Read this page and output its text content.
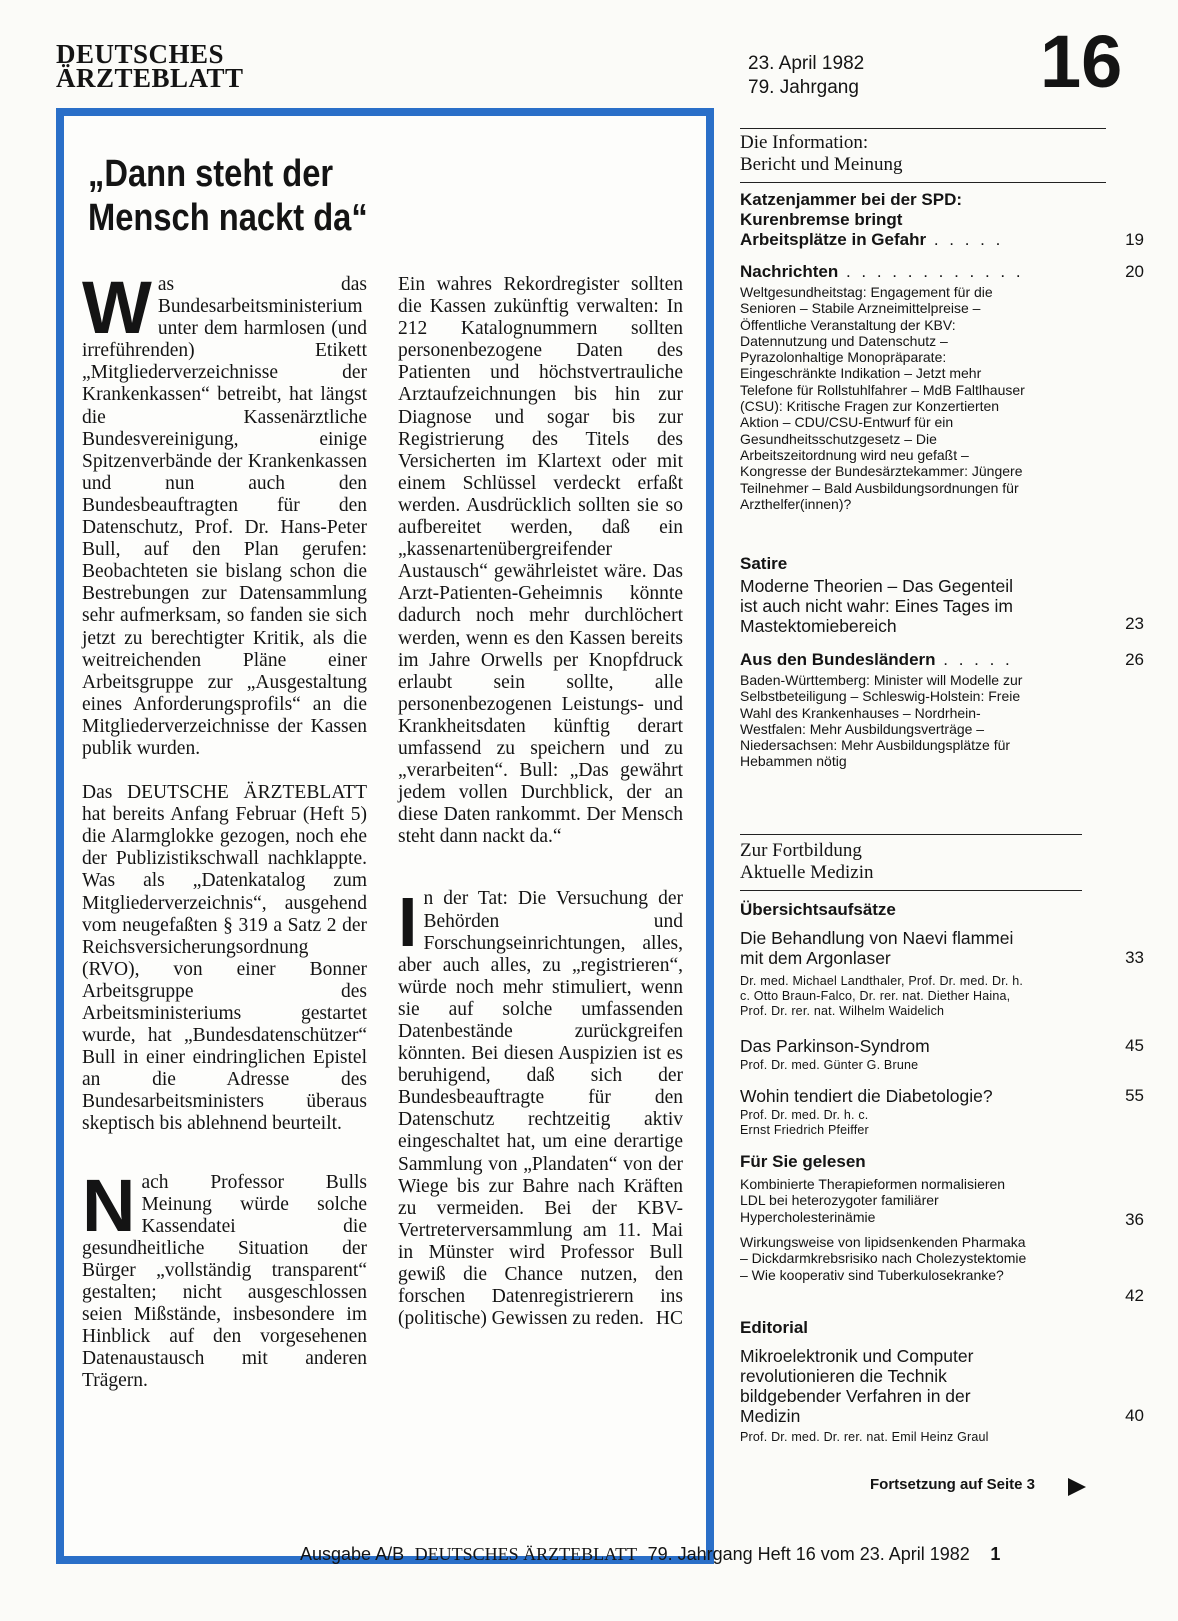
DEUTSCHES
ÄRZTEBLATT	23. April 1982
79. Jahrgang 16
„Dann steht der
Mensch nackt da“

Was das Bundesarbeitsministerium unter dem harmlosen (und irreführenden) Etikett „Mitgliederverzeichnisse der Krankenkassen“ betreibt, hat längst die Kassenärztliche Bundesvereinigung, einige Spitzenverbände der Krankenkassen und nun auch den Bundesbeauftragten für den Datenschutz, Prof. Dr. Hans-Peter Bull, auf den Plan gerufen: Beobachteten sie bislang schon die Bestrebungen zur Datensammlung sehr aufmerksam, so fanden sie sich jetzt zu berechtigter Kritik, als die weitreichenden Pläne einer Arbeitsgruppe zur „Ausgestaltung eines Anforderungsprofils“ an die Mitgliederverzeichnisse der Kassen publik wurden.

Das DEUTSCHE ÄRZTEBLATT hat bereits Anfang Februar (Heft 5) die Alarmglokke gezogen, noch ehe der Publizistikschwall nachklappte. Was als „Datenkatalog zum Mitgliederverzeichnis“, ausgehend vom neugefaßten § 319 a Satz 2 der Reichsversicherungsordnung (RVO), von einer Bonner Arbeitsgruppe des Arbeitsministeriums gestartet wurde, hat „Bundesdatenschützer“ Bull in einer eindringlichen Epistel an die Adresse des Bundesarbeitsministers überaus skeptisch bis ablehnend beurteilt.

Nach Professor Bulls Meinung würde solche Kassendatei die gesundheitliche Situation der Bürger „vollständig transparent“ gestalten; nicht ausgeschlossen seien Mißstände, insbesondere im Hinblick auf den vorgesehenen Datenaustausch mit anderen Trägern.

Ein wahres Rekordregister sollten die Kassen zukünftig verwalten: In 212 Katalognummern sollten personenbezogene Daten des Patienten und höchstvertrauliche Arztaufzeichnungen bis hin zur Diagnose und sogar bis zur Registrierung des Titels des Versicherten im Klartext oder mit einem Schlüssel verdeckt erfaßt werden. Ausdrücklich sollten sie so aufbereitet werden, daß ein „kassenartenübergreifender Austausch“ gewährleistet wäre. Das Arzt-Patienten-Geheimnis könnte dadurch noch mehr durchlöchert werden, wenn es den Kassen bereits im Jahre Orwells per Knopfdruck erlaubt sein sollte, alle personenbezogenen Leistungs- und Krankheitsdaten künftig derart umfassend zu speichern und zu „verarbeiten“. Bull: „Das gewährt jedem vollen Durchblick, der an diese Daten rankommt. Der Mensch steht dann nackt da.“

In der Tat: Die Versuchung der Behörden und Forschungseinrichtungen, alles, aber auch alles, zu „registrieren“, würde noch mehr stimuliert, wenn sie auf solche umfassenden Datenbestände zurückgreifen könnten. Bei diesen Auspizien ist es beruhigend, daß sich der Bundesbeauftragte für den Datenschutz rechtzeitig aktiv eingeschaltet hat, um eine derartige Sammlung von „Plandaten“ von der Wiege bis zur Bahre nach Kräften zu vermeiden. Bei der KBV-Vertreterversammlung am 11. Mai in Münster wird Professor Bull gewiß die Chance nutzen, den forschen Datenregistrierern ins (politische) Gewissen zu reden. HC

Die Information:
Bericht und Meinung
Katzenjammer bei der SPD:
Kurenbremse bringt
Arbeitsplätze in Gefahr . . . . .	19
Nachrichten . . . . . . . . . . . .	20
Weltgesundheitstag: Engagement für die Senioren – Stabile Arzneimittelpreise – Öffentliche Veranstaltung der KBV: Datennutzung und Datenschutz – Pyrazolonhaltige Monopräparate: Eingeschränkte Indikation – Jetzt mehr Telefone für Rollstuhlfahrer – MdB Faltlhauser (CSU): Kritische Fragen zur Konzertierten Aktion – CDU/CSU-Entwurf für ein Gesundheitsschutzgesetz – Die Arbeitszeitordnung wird neu gefaßt – Kongresse der Bundesärztekammer: Jüngere Teilnehmer – Bald Ausbildungsordnungen für Arzthelfer(innen)?
Satire
Moderne Theorien – Das Gegenteil ist auch nicht wahr: Eines Tages im Mastektomiebereich	23
Aus den Bundesländern . . . . .	26
Baden-Württemberg: Minister will Modelle zur Selbstbeteiligung – Schleswig-Holstein: Freie Wahl des Krankenhauses – Nordrhein-Westfalen: Mehr Ausbildungsverträge – Niedersachsen: Mehr Ausbildungsplätze für Hebammen nötig
Zur Fortbildung
Aktuelle Medizin
Übersichtsaufsätze
Die Behandlung von Naevi flammei mit dem Argonlaser	33
Dr. med. Michael Landthaler, Prof. Dr. med. Dr. h. c. Otto Braun-Falco, Dr. rer. nat. Diether Haina, Prof. Dr. rer. nat. Wilhelm Waidelich
Das Parkinson-Syndrom	45
Prof. Dr. med. Günter G. Brune
Wohin tendiert die Diabetologie?	55
Prof. Dr. med. Dr. h. c.
Ernst Friedrich Pfeiffer
Für Sie gelesen
Kombinierte Therapieformen normalisieren LDL bei heterozygoter familiärer Hypercholesterinämie	36
Wirkungsweise von lipidsenkenden Pharmaka – Dickdarmkrebsrisiko nach Cholezystektomie – Wie kooperativ sind Tuberkulosekranke?
42
Editorial
Mikroelektronik und Computer revolutionieren die Technik bildgebender Verfahren in der Medizin	40
Prof. Dr. med. Dr. rer. nat. Emil Heinz Graul
Fortsetzung auf Seite 3
Ausgabe A/B DEUTSCHES ÄRZTEBLATT 79. Jahrgang Heft 16 vom 23. April 1982 1
